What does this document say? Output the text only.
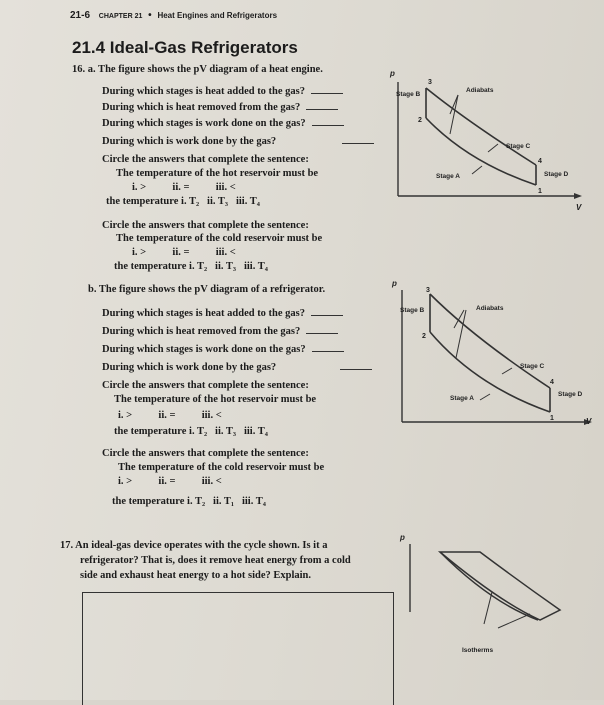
21-6 CHAPTER 21 • Heat Engines and Refrigerators
21.4 Ideal-Gas Refrigerators
16. a. The figure shows the pV diagram of a heat engine.
During which stages is heat added to the gas?
During which is heat removed from the gas?
During which stages is work done on the gas?
During which is work done by the gas?
Circle the answers that complete the sentence:
The temperature of the hot reservoir must be
i. >          ii. =          iii. <
the temperature i. T₂   ii. T₃   iii. T₄
Circle the answers that complete the sentence:
The temperature of the cold reservoir must be
i. >          ii. =          iii. <
the temperature i. T₂   ii. T₃   iii. T₄
b. The figure shows the pV diagram of a refrigerator.
During which stages is heat added to the gas?
During which is heat removed from the gas?
During which stages is work done on the gas?
During which is work done by the gas?
Circle the answers that complete the sentence:
The temperature of the hot reservoir must be
i. >          ii. =          iii. <
the temperature i. T₂   ii. T₃   iii. T₄
Circle the answers that complete the sentence:
The temperature of the cold reservoir must be
i. >          ii. =          iii. <
the temperature i. T₂   ii. T₁   iii. T₄
17. An ideal-gas device operates with the cycle shown. Is it a
refrigerator? That is, does it remove heat energy from a cold
side and exhaust heat energy to a hot side? Explain.
p
V
3
2
4
1
Stage B
Adiabats
Stage C
Stage A	Stage D
p
V
3
2
4
1
Stage B	Adiabats
Stage C
Stage A
Stage D
p
Isotherms
